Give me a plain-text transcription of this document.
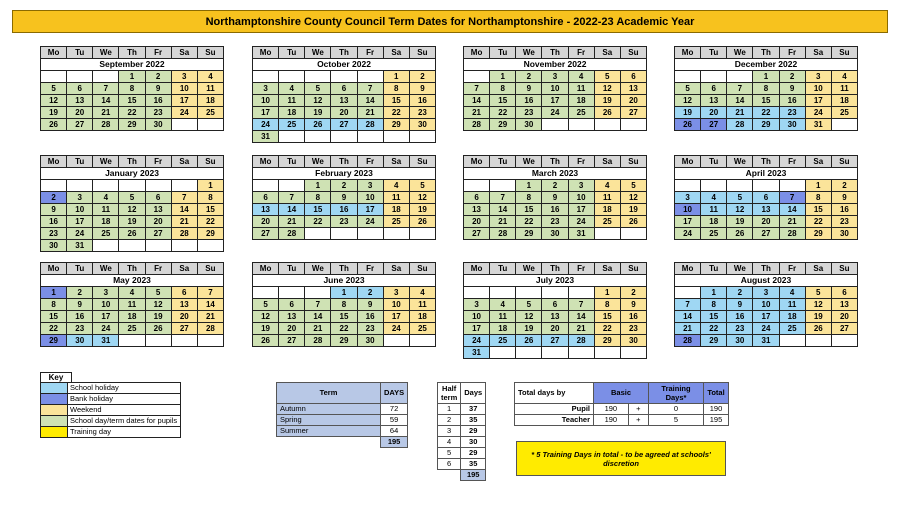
Northamptonshire County Council Term Dates for Northamptonshire - 2022-23 Academic Year
Mo	Tu	We	Th	Fr	Sa	Su
September 2022						
			1	2	3	4
5	6	7	8	9	10	11
12	13	14	15	16	17	18
19	20	21	22	23	24	25
26	27	28	29	30		
Mo	Tu	We	Th	Fr	Sa	Su
October 2022						
					1	2
3	4	5	6	7	8	9
10	11	12	13	14	15	16
17	18	19	20	21	22	23
24	25	26	27	28	29	30
31						
Mo	Tu	We	Th	Fr	Sa	Su
November 2022						
	1	2	3	4	5	6
7	8	9	10	11	12	13
14	15	16	17	18	19	20
21	22	23	24	25	26	27
28	29	30				
Mo	Tu	We	Th	Fr	Sa	Su
December 2022						
			1	2	3	4
5	6	7	8	9	10	11
12	13	14	15	16	17	18
19	20	21	22	23	24	25
26	27	28	29	30	31	
Mo	Tu	We	Th	Fr	Sa	Su
January 2023						
						1
2	3	4	5	6	7	8
9	10	11	12	13	14	15
16	17	18	19	20	21	22
23	24	25	26	27	28	29
30	31					
Mo	Tu	We	Th	Fr	Sa	Su
February 2023						
		1	2	3	4	5
6	7	8	9	10	11	12
13	14	15	16	17	18	19
20	21	22	23	24	25	26
27	28					
Mo	Tu	We	Th	Fr	Sa	Su
March 2023						
		1	2	3	4	5
6	7	8	9	10	11	12
13	14	15	16	17	18	19
20	21	22	23	24	25	26
27	28	29	30	31		
Mo	Tu	We	Th	Fr	Sa	Su
April 2023						
					1	2
3	4	5	6	7	8	9
10	11	12	13	14	15	16
17	18	19	20	21	22	23
24	25	26	27	28	29	30
Mo	Tu	We	Th	Fr	Sa	Su
May 2023						
1	2	3	4	5	6	7
8	9	10	11	12	13	14
15	16	17	18	19	20	21
22	23	24	25	26	27	28
29	30	31				
Mo	Tu	We	Th	Fr	Sa	Su
June 2023						
			1	2	3	4
5	6	7	8	9	10	11
12	13	14	15	16	17	18
19	20	21	22	23	24	25
26	27	28	29	30		
Mo	Tu	We	Th	Fr	Sa	Su
July 2023						
					1	2
3	4	5	6	7	8	9
10	11	12	13	14	15	16
17	18	19	20	21	22	23
24	25	26	27	28	29	30
31						
Mo	Tu	We	Th	Fr	Sa	Su
August 2023						
	1	2	3	4	5	6
7	8	9	10	11	12	13
14	15	16	17	18	19	20
21	22	23	24	25	26	27
28	29	30	31			
Key
	School holiday
	Bank holiday
	Weekend
	School day/term dates for pupils
	Training day
Term	DAYS
Autumn	72
Spring	59
Summer	64
	195
Half term	Days
1	37
2	35
3	29
4	30
5	29
6	35
	195
Total days by	Basic		Training Days*	Total
Pupil	190	+	0	190
Teacher	190	+	5	195
* 5 Training Days in total - to be agreed at schools' discretion
